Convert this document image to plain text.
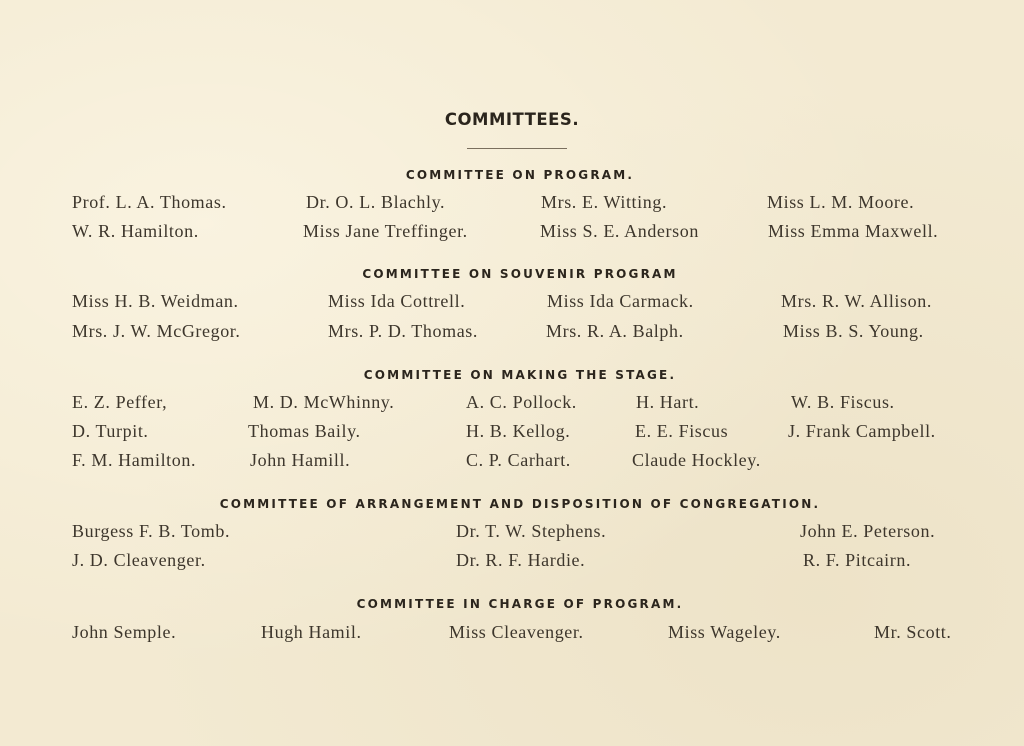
COMMITTEES.
COMMITTEE ON PROGRAM.
Prof. L. A. Thomas.	Dr. O. L. Blachly.	Mrs. E. Witting.	Miss L. M. Moore.
W. R. Hamilton.	Miss Jane Treffinger.	Miss S. E. Anderson	Miss Emma Maxwell.
COMMITTEE ON SOUVENIR PROGRAM
Miss H. B. Weidman.	Miss Ida Cottrell.	Miss Ida Carmack.	Mrs. R. W. Allison.
Mrs. J. W. McGregor.	Mrs. P. D. Thomas.	Mrs. R. A. Balph.	Miss B. S. Young.
COMMITTEE ON MAKING THE STAGE.
E. Z. Peffer,	M. D. McWhinny.	A. C. Pollock.	H. Hart.	W. B. Fiscus.
D. Turpit.	Thomas Baily.	H. B. Kellog.	E. E. Fiscus	J. Frank Campbell.
F. M. Hamilton.	John Hamill.	C. P. Carhart.	Claude Hockley.
COMMITTEE OF ARRANGEMENT AND DISPOSITION OF CONGREGATION.
Burgess F. B. Tomb.	Dr. T. W. Stephens.	John E. Peterson.
J. D. Cleavenger.	Dr. R. F. Hardie.	R. F. Pitcairn.
COMMITTEE IN CHARGE OF PROGRAM.
John Semple.	Hugh Hamil.	Miss Cleavenger.	Miss Wageley.	Mr. Scott.
